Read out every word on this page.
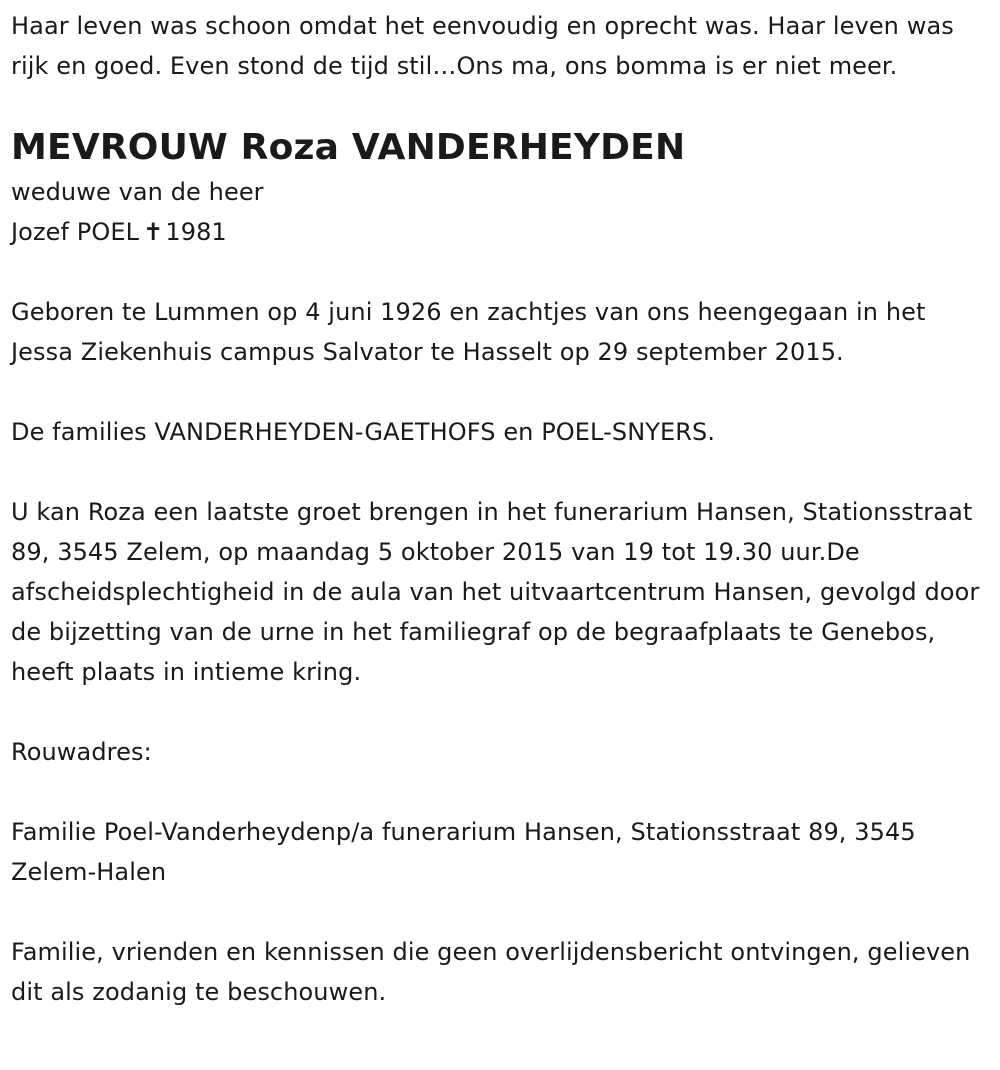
Haar leven was schoon omdat het eenvoudig en oprecht was. Haar leven was rijk en goed. Even stond de tijd stil…Ons ma, ons bomma is er niet meer.

MEVROUW Roza VANDERHEYDEN

weduwe van de heer

Jozef POEL ✝1981

Geboren te Lummen op 4 juni 1926 en zachtjes van ons heengegaan in het Jessa Ziekenhuis campus Salvator te Hasselt op 29 september 2015.

De families VANDERHEYDEN-GAETHOFS en POEL-SNYERS.

U kan Roza een laatste groet brengen in het funerarium Hansen, Stationsstraat 89, 3545 Zelem, op maandag 5 oktober 2015 van 19 tot 19.30 uur.De afscheidsplechtigheid in de aula van het uitvaartcentrum Hansen, gevolgd door de bijzetting van de urne in het familiegraf op de begraafplaats te Genebos, heeft plaats in intieme kring.

Rouwadres:

Familie Poel-Vanderheydenp/a funerarium Hansen, Stationsstraat 89, 3545 Zelem-Halen

Familie, vrienden en kennissen die geen overlijdensbericht ontvingen, gelieven dit als zodanig te beschouwen.
